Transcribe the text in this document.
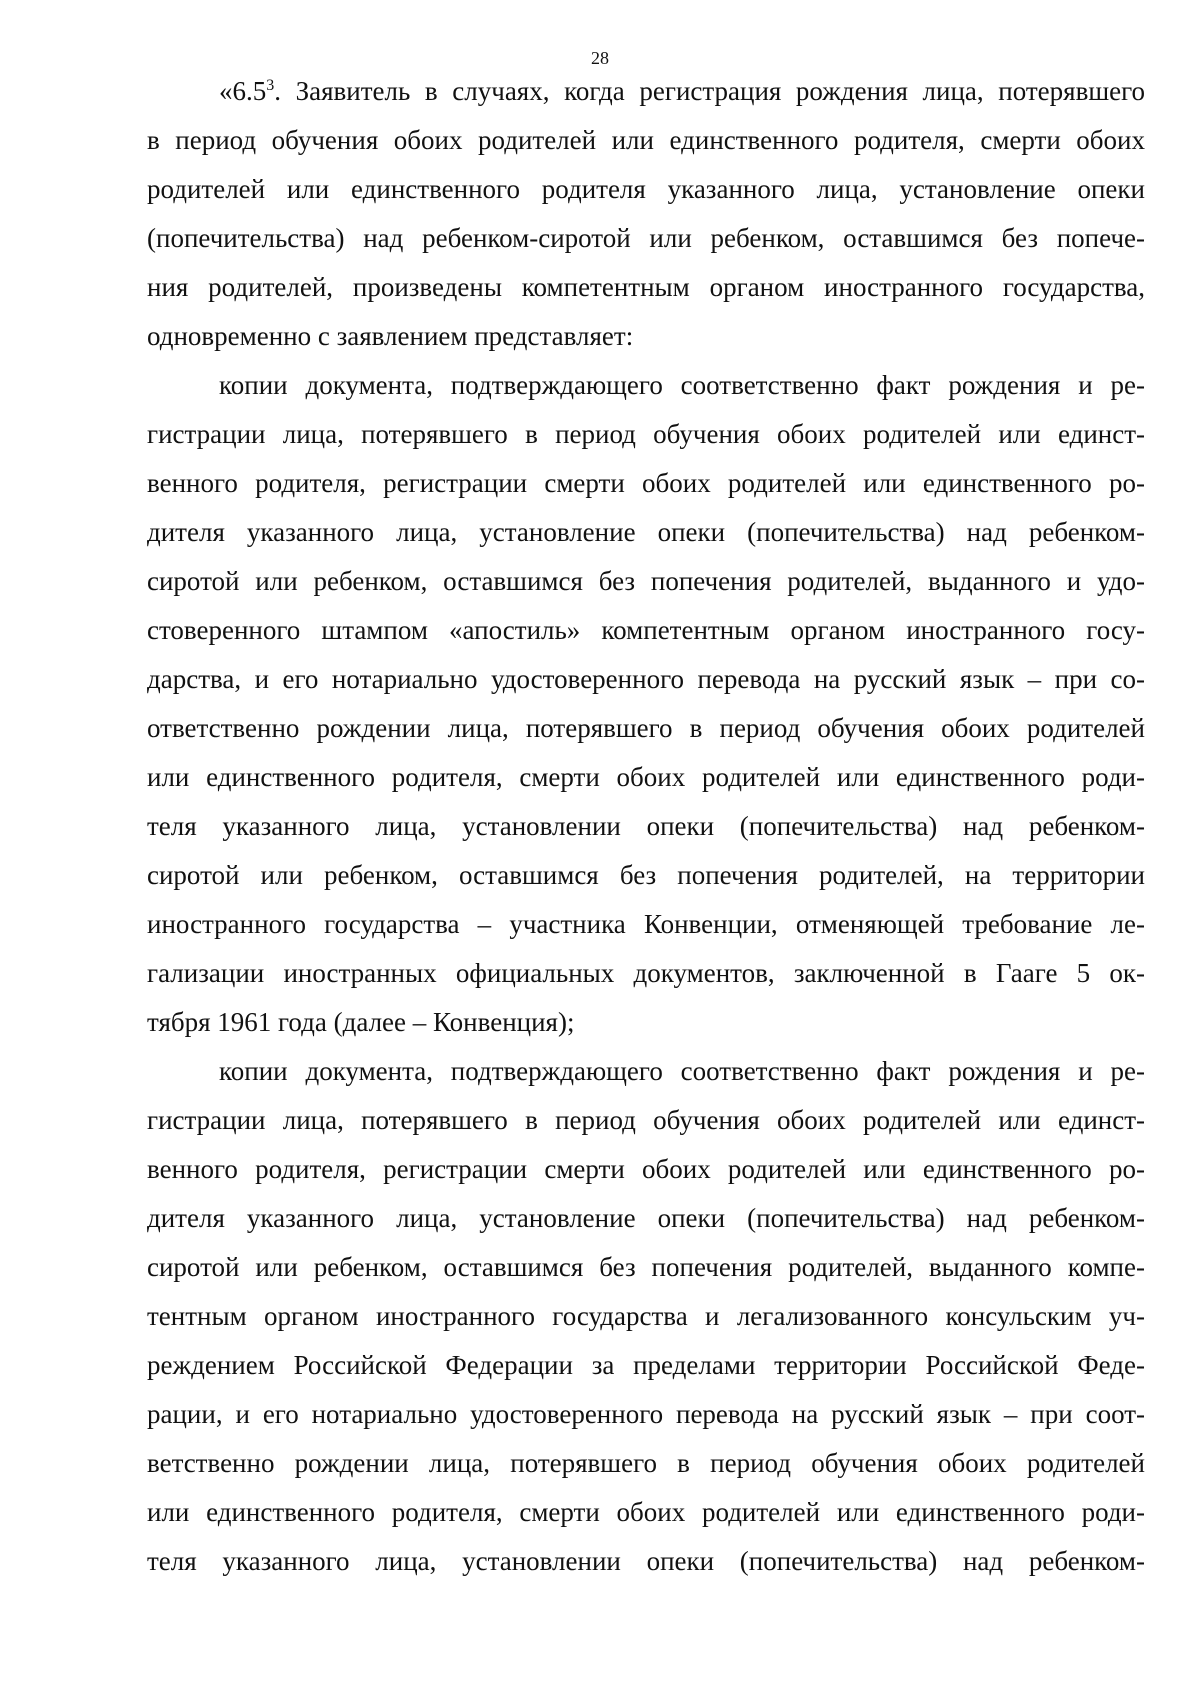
28
«$6.5^3$. Заявитель в случаях, когда регистрация рождения лица, потерявшего
в период обучения обоих родителей или единственного родителя, смерти обоих
родителей или единственного родителя указанного лица, установление опеки
(попечительства) над ребенком-сиротой или ребенком, оставшимся без попече-
ния родителей, произведены компетентным органом иностранного государства,
одновременно с заявлением представляет:
копии документа, подтверждающего соответственно факт рождения и ре-
гистрации лица, потерявшего в период обучения обоих родителей или единст-
венного родителя, регистрации смерти обоих родителей или единственного ро-
дителя указанного лица, установление опеки (попечительства) над ребенком-
сиротой или ребенком, оставшимся без попечения родителей, выданного и удо-
стоверенного штампом «апостиль» компетентным органом иностранного госу-
дарства, и его нотариально удостоверенного перевода на русский язык – при со-
ответственно рождении лица, потерявшего в период обучения обоих родителей
или единственного родителя, смерти обоих родителей или единственного роди-
теля указанного лица, установлении опеки (попечительства) над ребенком-
сиротой или ребенком, оставшимся без попечения родителей, на территории
иностранного государства – участника Конвенции, отменяющей требование ле-
гализации иностранных официальных документов, заключенной в Гааге 5 ок-
тября 1961 года (далее – Конвенция);
копии документа, подтверждающего соответственно факт рождения и ре-
гистрации лица, потерявшего в период обучения обоих родителей или единст-
венного родителя, регистрации смерти обоих родителей или единственного ро-
дителя указанного лица, установление опеки (попечительства) над ребенком-
сиротой или ребенком, оставшимся без попечения родителей, выданного компе-
тентным органом иностранного государства и легализованного консульским уч-
реждением Российской Федерации за пределами территории Российской Феде-
рации, и его нотариально удостоверенного перевода на русский язык – при соот-
ветственно рождении лица, потерявшего в период обучения обоих родителей
или единственного родителя, смерти обоих родителей или единственного роди-
теля указанного лица, установлении опеки (попечительства) над ребенком-
